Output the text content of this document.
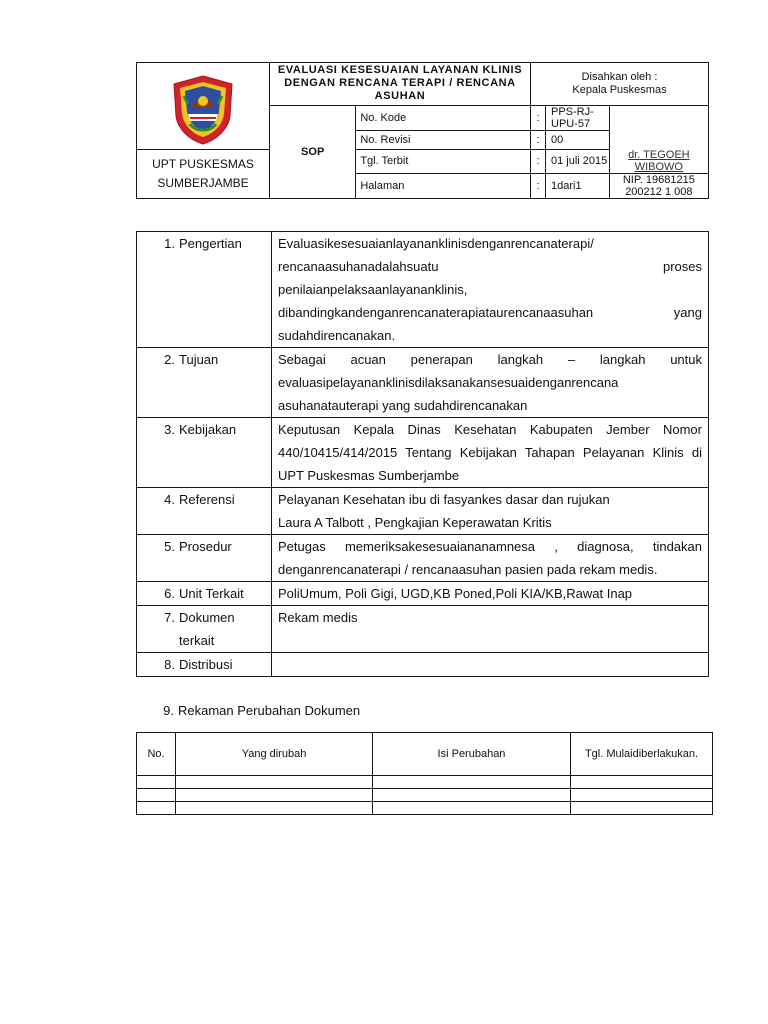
	EVALUASI KESESUAIAN LAYANAN KLINIS DENGAN RENCANA TERAPI / RENCANA ASUHAN		Disahkan oleh :
Kepala Puskesmas		

	SOP	No. Kode	:	PPS-RJ-UPU-57	
		No. Revisi	:	00	

UPT PUSKESMAS
SUMBERJAMBE		Tgl. Terbit	:	01 juli 2015	dr. TEGOEH WIBOWO
		Halaman	:	1dari1	NIP. 19681215 200212 1 008
1. Pengertian	Evaluasikesesuaianlayananklinisdenganrencanaterapi/

rencanaasuhanadalahsuatu proses

penilaianpelaksaanlayananklinis,

dibandingkandenganrencanaterapiataurencanaasuhan yang

sudahdirencanakan.

2. Tujuan	Sebagai acuan penerapan langkah – langkah untuk

evaluasipelayananklinisdilaksanakansesuaidenganrencana

asuhanatauterapi yang sudahdirencanakan

3. Kebijakan	Keputusan Kepala Dinas Kesehatan Kabupaten Jember Nomor 440/10415/414/2015 Tentang Kebijakan Tahapan Pelayanan Klinis di UPT Puskesmas Sumberjambe
4. Referensi	Pelayanan Kesehatan ibu di fasyankes dasar dan rujukan

Laura A Talbott , Pengkajian Keperawatan Kritis

5. Prosedur	Petugas memeriksakesesuaiananamnesa , diagnosa, tindakan denganrencanaterapi / rencanaasuhan pasien pada rekam medis.
6. Unit Terkait	PoliUmum, Poli Gigi, UGD,KB Poned,Poli KIA/KB,Rawat Inap
7. Dokumen
terkait	Rekam medis
8. Distribusi	
9. Rekaman Perubahan Dokumen
No.	Yang dirubah	Isi Perubahan	Tgl. Mulaidiberlakukan.
